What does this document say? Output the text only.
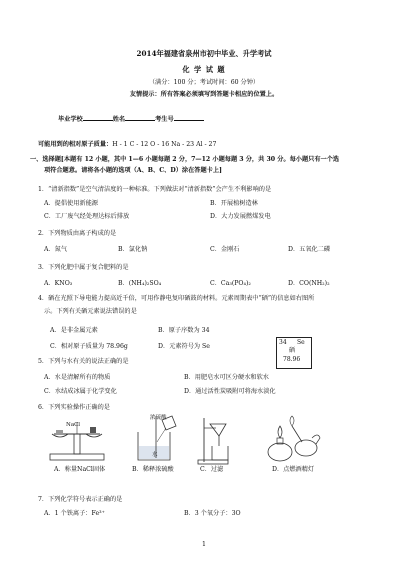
2014年福建省泉州市初中毕业、升学考试
化 学 试 题
（满分：100 分；考试时间：60 分钟）
友情提示：所有答案必须填写到答题卡相应的位置上。
毕业学校	姓名	考生号
可能用到的相对原子质量：H - 1 C - 12 O - 16 Na - 23 Al - 27
一、选择题[本题有 12 小题，其中 1—6 小题每题 2 分，7—12 小题每题 3 分，共 30 分。每小题只有一个选
项符合题意。请将各小题的选项（A、B、C、D）涂在答题卡上]
1．“清新指数”是空气清洁度的一种标准。下列做法对“清新指数”会产生不利影响的是
A．提倡使用新能源	B．开展植树造林
C．工厂废气经处理达标后排放	D．大力发展燃煤发电
2．下列物质由离子构成的是
A．氮气	B．氯化钠	C．金刚石	D．五氧化二磷
3．下列化肥中属于复合肥料的是
A．KNO₃	B．(NH₄)₂SO₄	C．Ca₃(PO₄)₂	D．CO(NH₂)₂
4．硒在光照下导电能力提高近千倍，可用作静电复印硒鼓的材料。元素周期表中“硒”的信息如右图所
示。下列有关硒元素说法错误的是
A．是非金属元素	B．原子序数为 34
C．相对原子质量为 78.96g	D．元素符号为 Se
34 Se
硒
78.96
5．下列与水有关的说法正确的是
A．水是清解所有的物质	B．用肥皂水可区分硬水和软水
C．水结成冰属于化学变化	D．通过活性炭吸附可将海水淡化
6．下列实验操作正确的是
NaCl
浓硫酸
水
A．称量NaCl固体	B．稀释浓硫酸	C．过滤	D．点燃酒精灯
7．下列化学符号表示正确的是
A．1 个铁离子：Fe³⁺	B．3 个氧分子：3O
1
